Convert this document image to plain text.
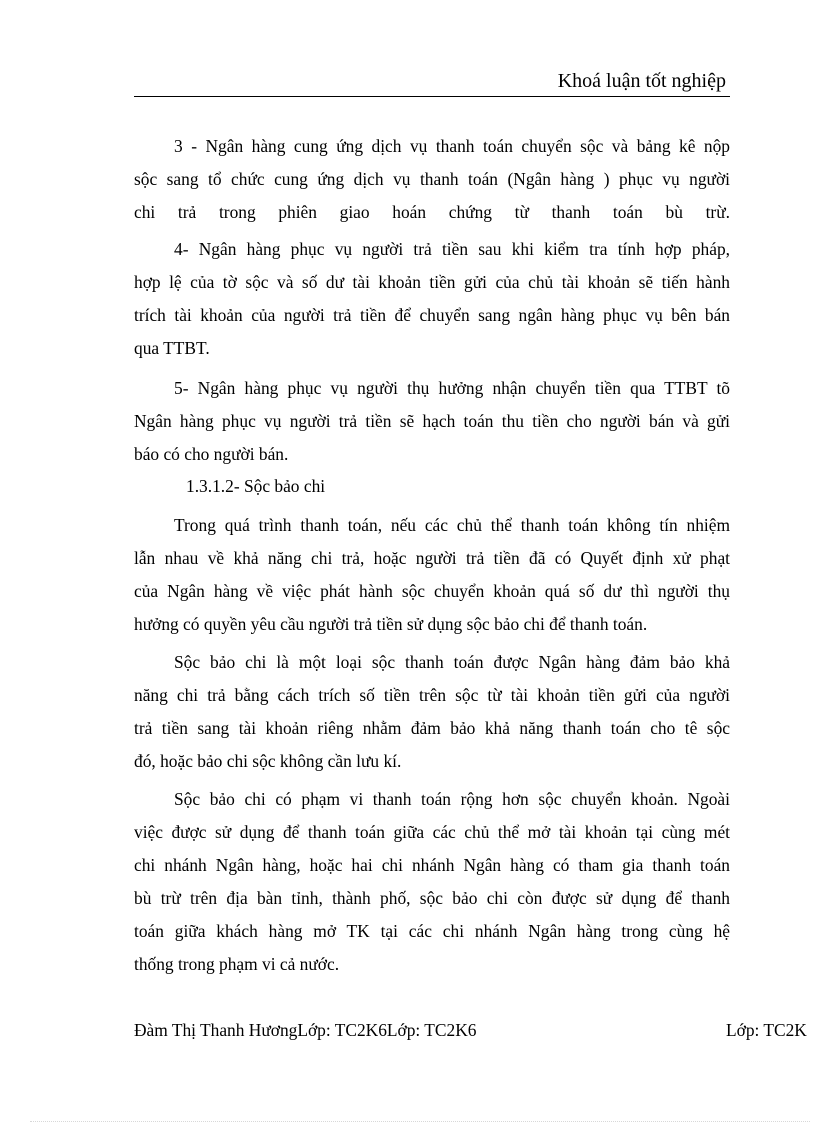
Khoá luận tốt nghiệp
3 - Ngân hàng cung ứng dịch vụ thanh toán chuyển sộc và bảng kê nộp
sộc sang tổ chức cung ứng dịch vụ thanh toán (Ngân hàng ) phục vụ người
chi trả trong phiên giao hoán chứng từ thanh toán bù trừ.
4- Ngân hàng phục vụ người trả tiền sau khi kiểm tra tính hợp pháp,
hợp lệ của tờ sộc và số dư tài khoản tiền gửi của chủ tài khoản sẽ tiến hành
trích tài khoản của người trả tiền để chuyển sang ngân hàng phục vụ bên bán
qua TTBT.
5- Ngân hàng phục vụ người thụ hưởng nhận chuyển tiền qua TTBT tõ
Ngân hàng phục vụ người trả tiền sẽ hạch toán thu tiền cho người bán và gửi
báo có cho người bán.
1.3.1.2- Sộc bảo chi
Trong quá trình thanh toán, nếu các chủ thể thanh toán không tín nhiệm
lẫn nhau về khả năng chi trả, hoặc người trả tiền đã có Quyết định xử phạt
của Ngân hàng về việc phát hành sộc chuyển khoản quá số dư thì người thụ
hưởng có quyền yêu cầu người trả tiền sử dụng sộc bảo chi để thanh toán.
Sộc bảo chi là một loại sộc thanh toán được Ngân hàng đảm bảo khả
năng chi trả bằng cách trích số tiền trên sộc từ tài khoản tiền gửi của người
trả tiền sang tài khoản riêng nhằm đảm bảo khả năng thanh toán cho tê sộc
đó, hoặc bảo chi sộc không cần lưu kí.
Sộc bảo chi có phạm vi thanh toán rộng hơn sộc chuyển khoản. Ngoài
việc được sử dụng để thanh toán giữa các chủ thể mở tài khoản tại cùng mét
chi nhánh Ngân hàng, hoặc hai chi nhánh Ngân hàng có tham gia thanh toán
bù trừ trên địa bàn tỉnh, thành phố, sộc bảo chi còn được sử dụng để thanh
toán giữa khách hàng mở TK tại các chi nhánh Ngân hàng trong cùng hệ
thống trong phạm vi cả nước.
Đàm Thị Thanh HươngLớp: TC2K6Lớp: TC2K6	Lớp: TC2K
